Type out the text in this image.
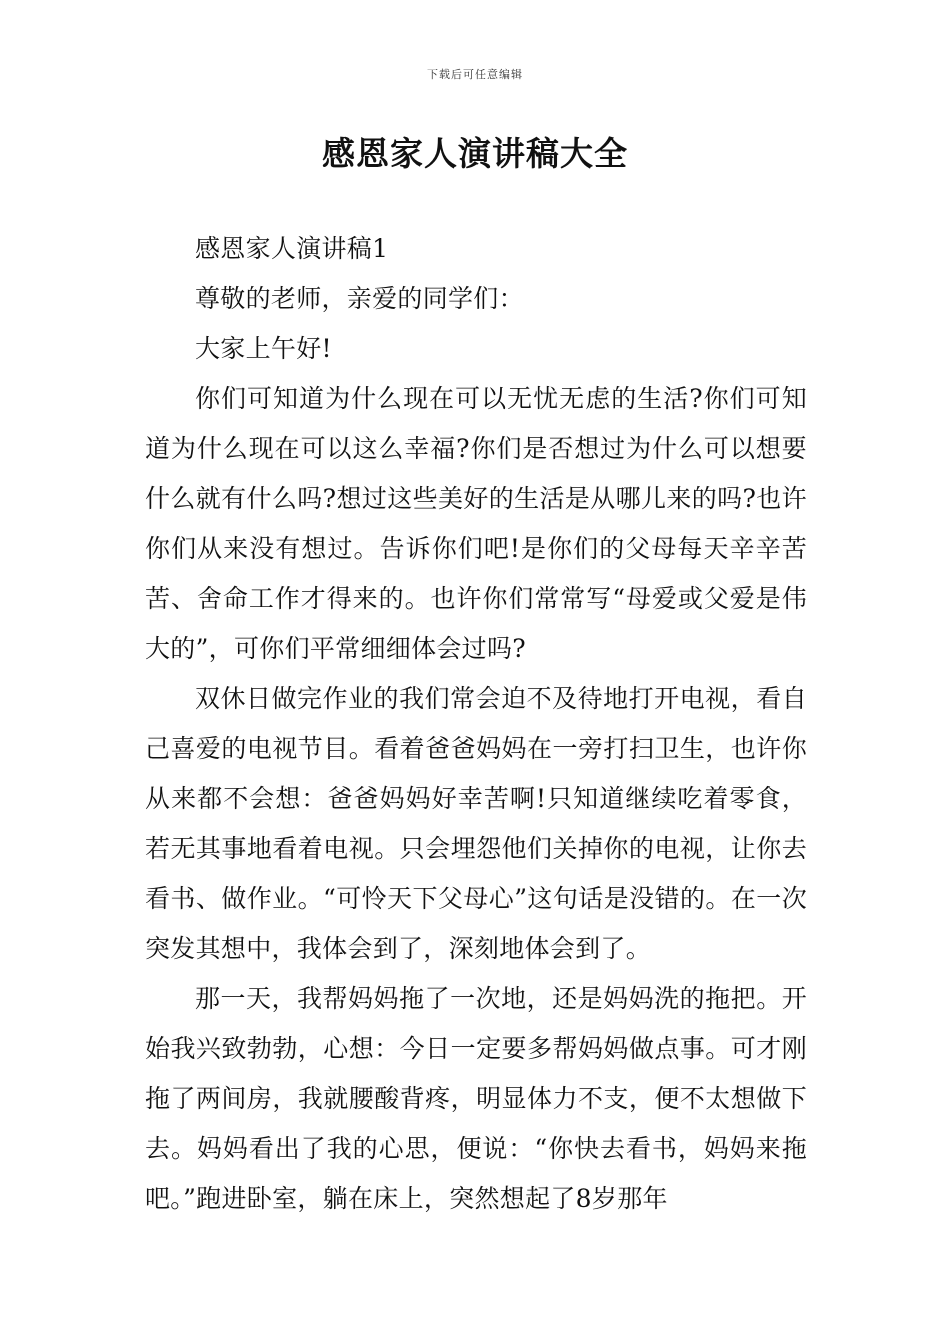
下载后可任意编辑
感恩家人演讲稿大全

感恩家人演讲稿1

尊敬的老师，亲爱的同学们：

大家上午好!

你们可知道为什么现在可以无忧无虑的生活?你们可知道为什么现在可以这么幸福?你们是否想过为什么可以想要什么就有什么吗?想过这些美好的生活是从哪儿来的吗?也许你们从来没有想过。告诉你们吧!是你们的父母每天辛辛苦苦、舍命工作才得来的。也许你们常常写“母爱或父爱是伟大的”，可你们平常细细体会过吗?

双休日做完作业的我们常会迫不及待地打开电视，看自己喜爱的电视节目。看着爸爸妈妈在一旁打扫卫生，也许你从来都不会想：爸爸妈妈好幸苦啊!只知道继续吃着零食，若无其事地看着电视。只会埋怨他们关掉你的电视，让你去看书、做作业。“可怜天下父母心”这句话是没错的。在一次突发其想中，我体会到了，深刻地体会到了。

那一天，我帮妈妈拖了一次地，还是妈妈洗的拖把。开始我兴致勃勃，心想：今日一定要多帮妈妈做点事。可才刚拖了两间房，我就腰酸背疼，明显体力不支，便不太想做下去。妈妈看出了我的心思，便说：“你快去看书，妈妈来拖吧。”跑进卧室，躺在床上，突然想起了8岁那年
